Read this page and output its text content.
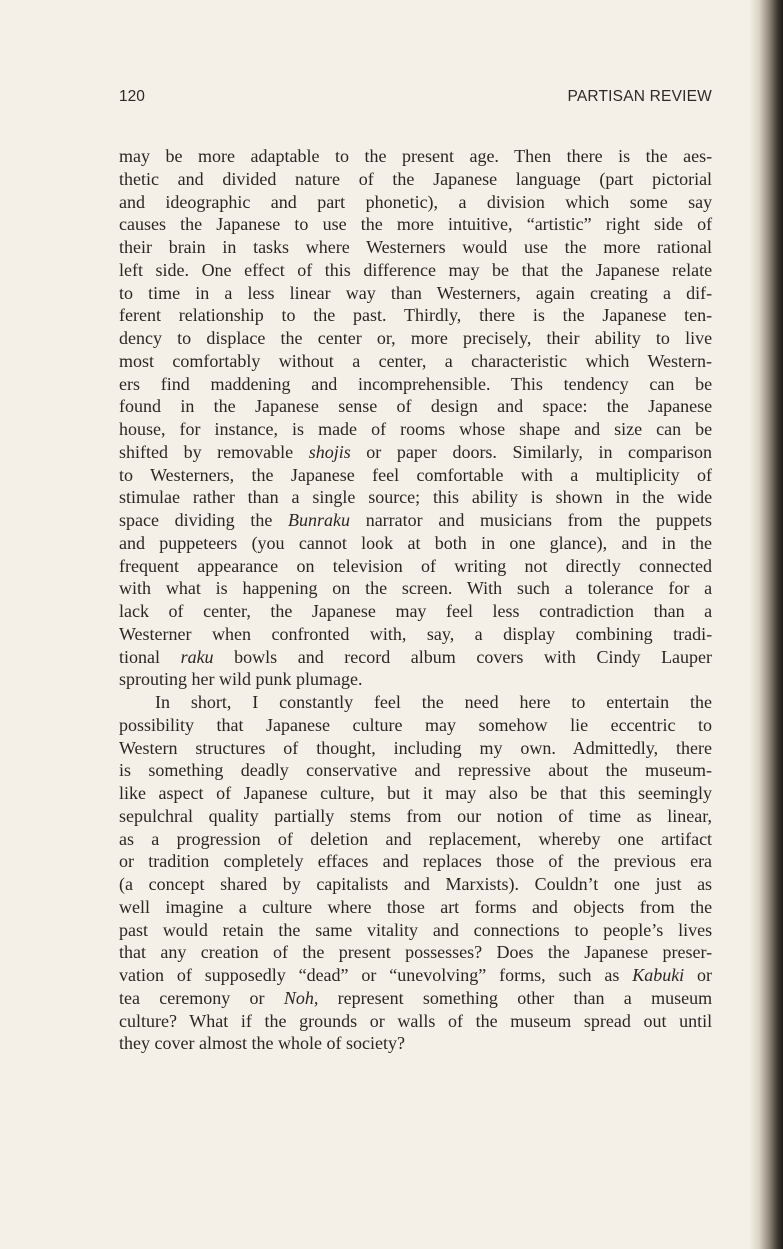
120	PARTISAN REVIEW
may be more adaptable to the present age. Then there is the aes-
thetic and divided nature of the Japanese language (part pictorial
and ideographic and part phonetic), a division which some say
causes the Japanese to use the more intuitive, “artistic” right side of
their brain in tasks where Westerners would use the more rational
left side. One effect of this difference may be that the Japanese relate
to time in a less linear way than Westerners, again creating a dif-
ferent relationship to the past. Thirdly, there is the Japanese ten-
dency to displace the center or, more precisely, their ability to live
most comfortably without a center, a characteristic which Western-
ers find maddening and incomprehensible. This tendency can be
found in the Japanese sense of design and space: the Japanese
house, for instance, is made of rooms whose shape and size can be
shifted by removable shojis or paper doors. Similarly, in comparison
to Westerners, the Japanese feel comfortable with a multiplicity of
stimulae rather than a single source; this ability is shown in the wide
space dividing the Bunraku narrator and musicians from the puppets
and puppeteers (you cannot look at both in one glance), and in the
frequent appearance on television of writing not directly connected
with what is happening on the screen. With such a tolerance for a
lack of center, the Japanese may feel less contradiction than a
Westerner when confronted with, say, a display combining tradi-
tional raku bowls and record album covers with Cindy Lauper
sprouting her wild punk plumage.
In short, I constantly feel the need here to entertain the
possibility that Japanese culture may somehow lie eccentric to
Western structures of thought, including my own. Admittedly, there
is something deadly conservative and repressive about the museum-
like aspect of Japanese culture, but it may also be that this seemingly
sepulchral quality partially stems from our notion of time as linear,
as a progression of deletion and replacement, whereby one artifact
or tradition completely effaces and replaces those of the previous era
(a concept shared by capitalists and Marxists). Couldn’t one just as
well imagine a culture where those art forms and objects from the
past would retain the same vitality and connections to people’s lives
that any creation of the present possesses? Does the Japanese preser-
vation of supposedly “dead” or “unevolving” forms, such as Kabuki or
tea ceremony or Noh, represent something other than a museum
culture? What if the grounds or walls of the museum spread out until
they cover almost the whole of society?
